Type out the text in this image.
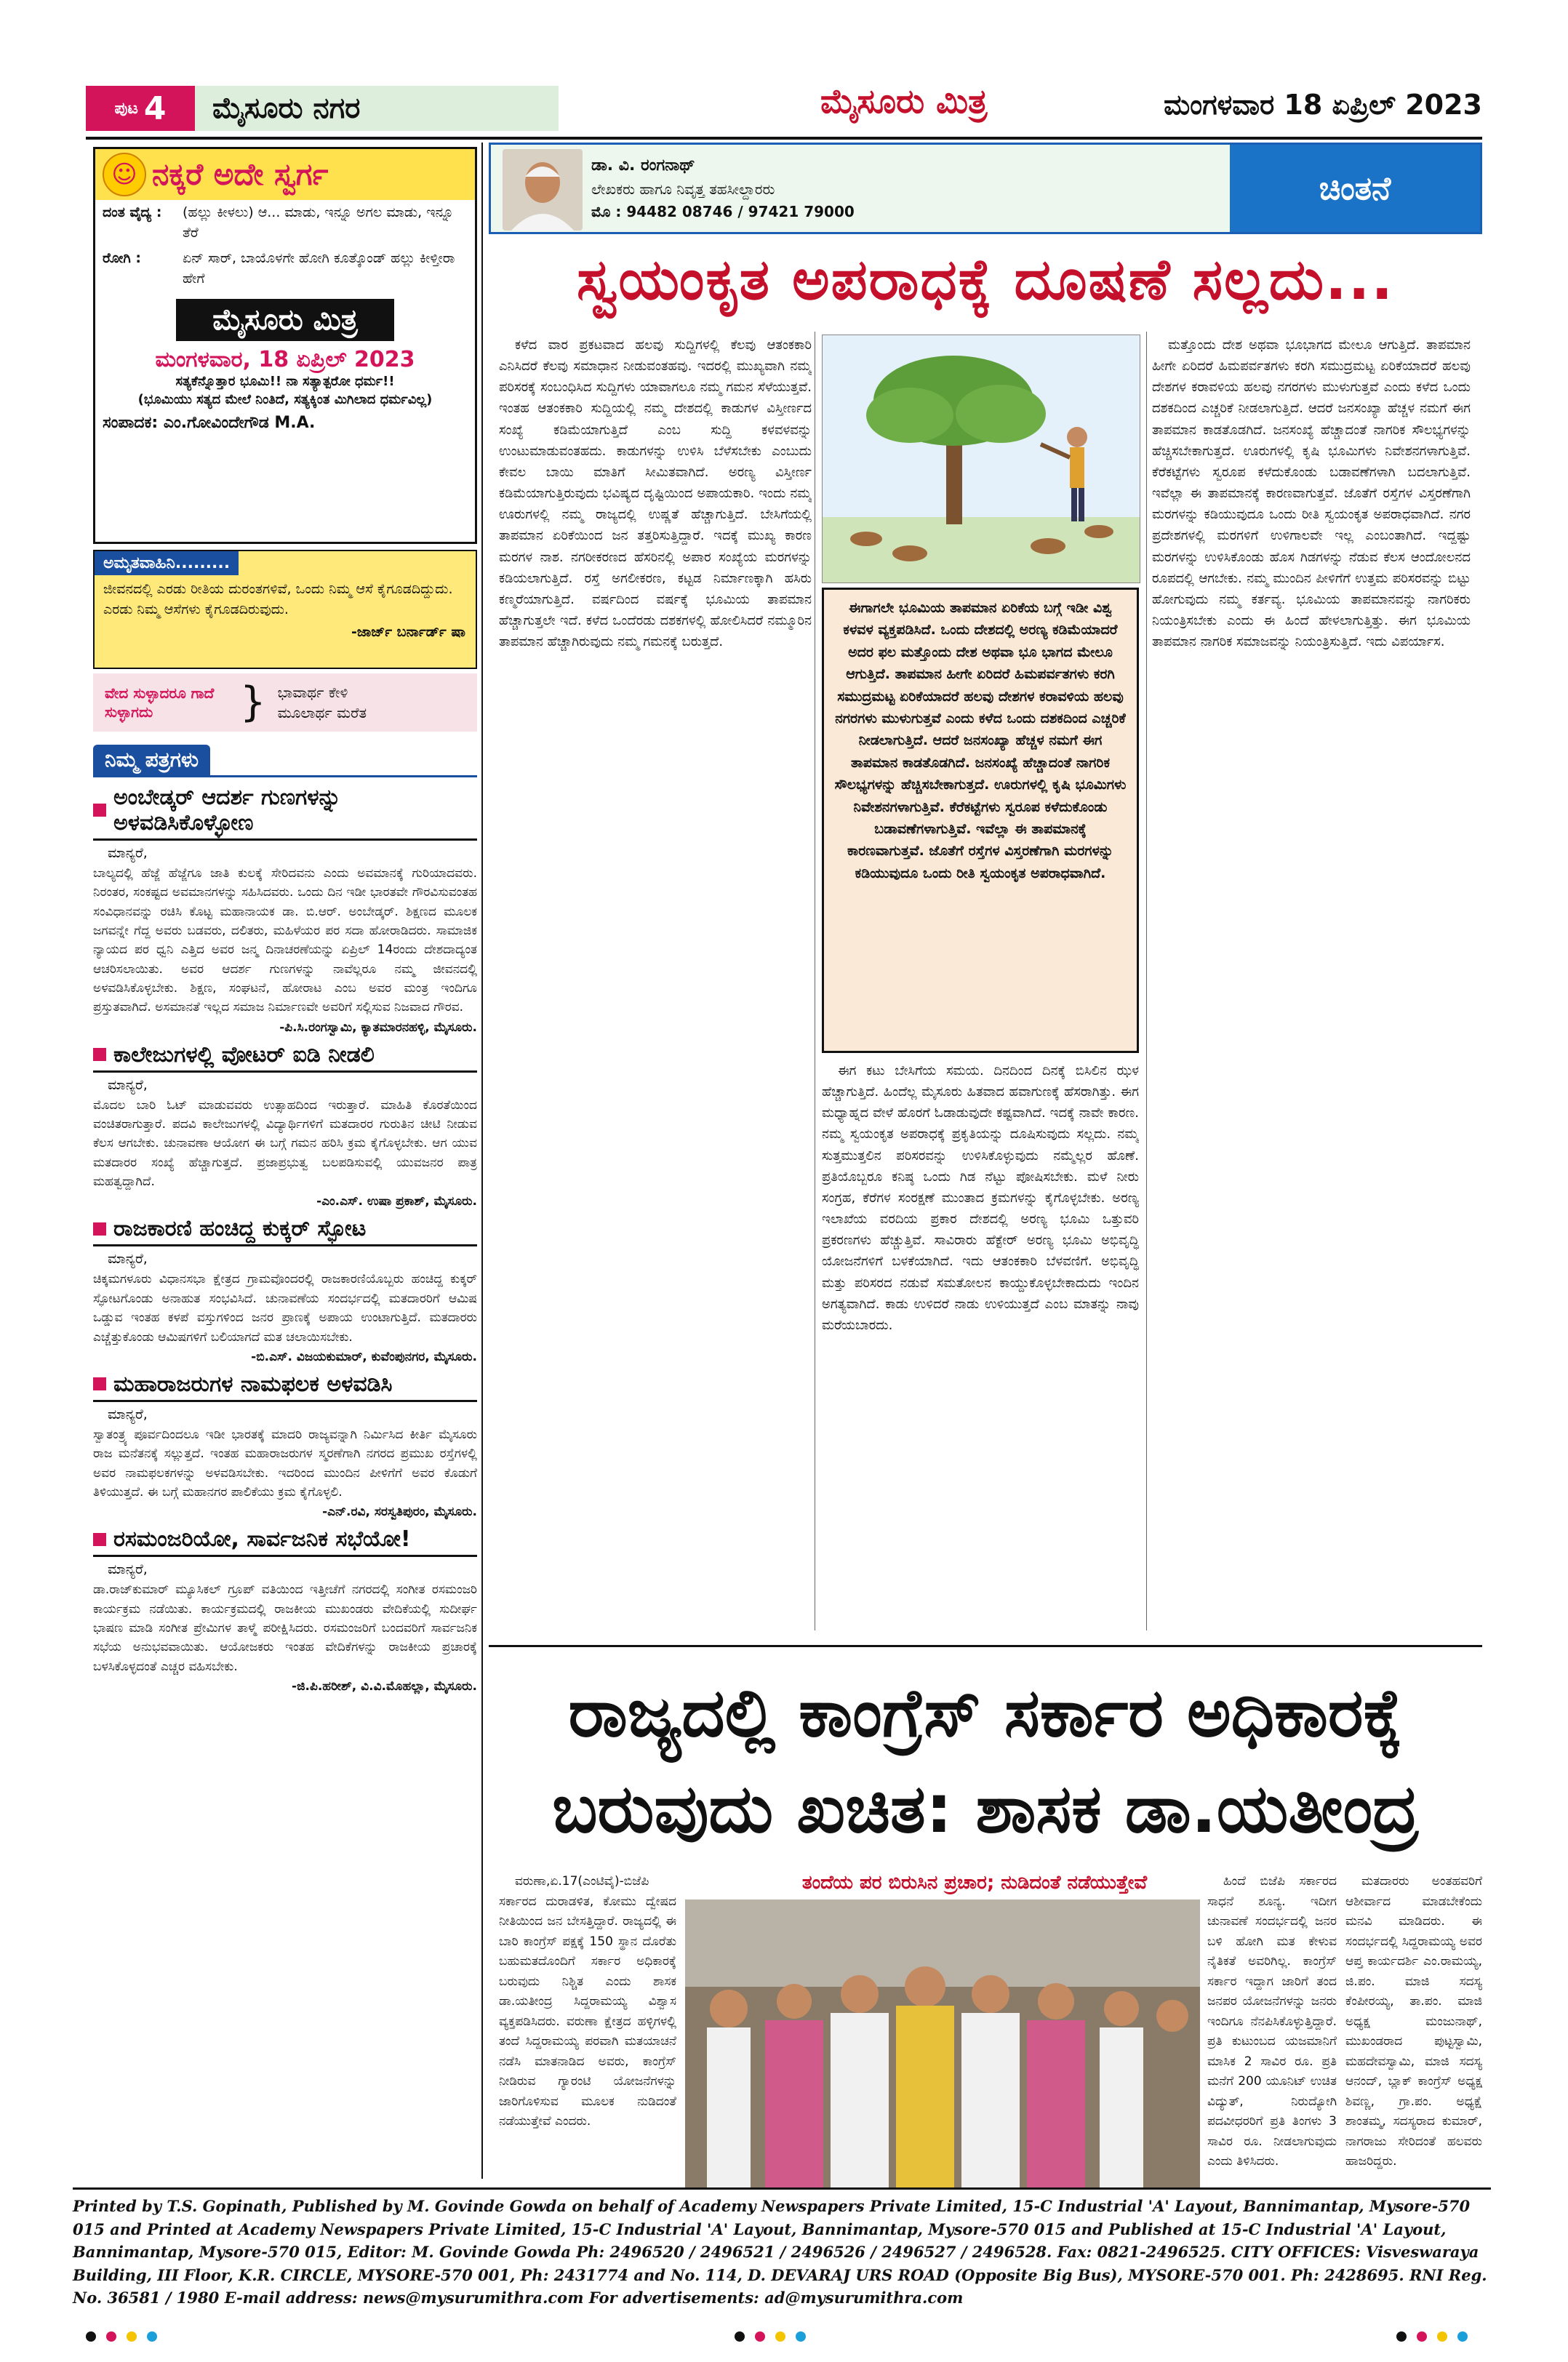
ಪುಟ 4	ಮೈಸೂರು ನಗರ	ಮೈಸೂರು ಮಿತ್ರ	ಮಂಗಳವಾರ 18 ಏಪ್ರಿಲ್ 2023
☺ ನಕ್ಕರೆ ಅದೇ ಸ್ವರ್ಗ
ದಂತ ವೈದ್ಯ :	(ಹಲ್ಲು ಕೀಳಲು) ಆ... ಮಾಡು, ಇನ್ನೂ ಅಗಲ ಮಾಡು, ಇನ್ನೂ ತೆರೆ
ರೋಗಿ :	ಏನ್ ಸಾರ್, ಬಾಯೊಳಗೇ ಹೋಗಿ ಕೂತ್ಕೊಂಡ್ ಹಲ್ಲು ಕೀಳ್ತೀರಾ ಹೇಗೆ
ಮೈಸೂರು ಮಿತ್ರ
ಮಂಗಳವಾರ, 18 ಏಪ್ರಿಲ್ 2023
ಸತ್ಯಕೆನ್ನೊತ್ತಾರ ಭೂಮಿ!! ನಾ ಸತ್ಯಾತ್ಪರೋ ಧರ್ಮ!!
(ಭೂಮಿಯು ಸತ್ಯದ ಮೇಲೆ ನಿಂತಿದೆ, ಸತ್ಯಕ್ಕಿಂತ ಮಿಗಿಲಾದ ಧರ್ಮವಿಲ್ಲ)
ಸಂಪಾದಕ: ಎಂ.ಗೋವಿಂದೇಗೌಡ M.A.
ಅಮೃತವಾಹಿನಿ.........
ಜೀವನದಲ್ಲಿ ಎರಡು ರೀತಿಯ ದುರಂತಗಳಿವೆ, ಒಂದು ನಿಮ್ಮ ಆಸೆ ಕೈಗೂಡದಿದ್ದುದು. ಎರಡು ನಿಮ್ಮ ಆಸೆಗಳು ಕೈಗೂಡದಿರುವುದು.
-ಜಾರ್ಜ್ ಬರ್ನಾರ್ಡ್ ಷಾ
ವೇದ ಸುಳ್ಳಾದರೂ ಗಾದೆ ಸುಳ್ಳಾಗದು	} ಭಾವಾರ್ಥ ಕೇಳಿ
ಮೂಲಾರ್ಥ ಮರೆತ
ನಿಮ್ಮ ಪತ್ರಗಳು
ಅಂಬೇಡ್ಕರ್ ಆದರ್ಶ ಗುಣಗಳನ್ನು ಅಳವಡಿಸಿಕೊಳ್ಳೋಣ
ಮಾನ್ಯರೆ,

ಬಾಲ್ಯದಲ್ಲಿ ಹೆಜ್ಜೆ ಹೆಜ್ಜೆಗೂ ಜಾತಿ ಕುಲಕ್ಕೆ ಸೇರಿದವನು ಎಂದು ಅವಮಾನಕ್ಕೆ ಗುರಿಯಾದವರು. ನಿರಂತರ, ಸಂಕಷ್ಟದ ಅವಮಾನಗಳನ್ನು ಸಹಿಸಿದವರು. ಒಂದು ದಿನ ಇಡೀ ಭಾರತವೇ ಗೌರವಿಸುವಂತಹ ಸಂವಿಧಾನವನ್ನು ರಚಿಸಿ ಕೊಟ್ಟ ಮಹಾನಾಯಕ ಡಾ. ಬಿ.ಆರ್. ಅಂಬೇಡ್ಕರ್. ಶಿಕ್ಷಣದ ಮೂಲಕ ಜಗವನ್ನೇ ಗೆದ್ದ ಅವರು ಬಡವರು, ದಲಿತರು, ಮಹಿಳೆಯರ ಪರ ಸದಾ ಹೋರಾಡಿದರು. ಸಾಮಾಜಿಕ ನ್ಯಾಯದ ಪರ ಧ್ವನಿ ಎತ್ತಿದ ಅವರ ಜನ್ಮ ದಿನಾಚರಣೆಯನ್ನು ಏಪ್ರಿಲ್ 14ರಂದು ದೇಶದಾದ್ಯಂತ ಆಚರಿಸಲಾಯಿತು. ಅವರ ಆದರ್ಶ ಗುಣಗಳನ್ನು ನಾವೆಲ್ಲರೂ ನಮ್ಮ ಜೀವನದಲ್ಲಿ ಅಳವಡಿಸಿಕೊಳ್ಳಬೇಕು. ಶಿಕ್ಷಣ, ಸಂಘಟನೆ, ಹೋರಾಟ ಎಂಬ ಅವರ ಮಂತ್ರ ಇಂದಿಗೂ ಪ್ರಸ್ತುತವಾಗಿದೆ. ಅಸಮಾನತೆ ಇಲ್ಲದ ಸಮಾಜ ನಿರ್ಮಾಣವೇ ಅವರಿಗೆ ಸಲ್ಲಿಸುವ ನಿಜವಾದ ಗೌರವ.

-ಪಿ.ಸಿ.ರಂಗಸ್ವಾಮಿ, ಕ್ಯಾತಮಾರನಹಳ್ಳಿ, ಮೈಸೂರು.
ಕಾಲೇಜುಗಳಲ್ಲಿ ವೋಟರ್ ಐಡಿ ನೀಡಲಿ
ಮಾನ್ಯರೆ,

ಮೊದಲ ಬಾರಿ ಓಟ್ ಮಾಡುವವರು ಉತ್ಸಾಹದಿಂದ ಇರುತ್ತಾರೆ. ಮಾಹಿತಿ ಕೊರತೆಯಿಂದ ವಂಚಿತರಾಗುತ್ತಾರೆ. ಪದವಿ ಕಾಲೇಜುಗಳಲ್ಲಿ ವಿದ್ಯಾರ್ಥಿಗಳಿಗೆ ಮತದಾರರ ಗುರುತಿನ ಚೀಟಿ ನೀಡುವ ಕೆಲಸ ಆಗಬೇಕು. ಚುನಾವಣಾ ಆಯೋಗ ಈ ಬಗ್ಗೆ ಗಮನ ಹರಿಸಿ ಕ್ರಮ ಕೈಗೊಳ್ಳಬೇಕು. ಆಗ ಯುವ ಮತದಾರರ ಸಂಖ್ಯೆ ಹೆಚ್ಚಾಗುತ್ತದೆ. ಪ್ರಜಾಪ್ರಭುತ್ವ ಬಲಪಡಿಸುವಲ್ಲಿ ಯುವಜನರ ಪಾತ್ರ ಮಹತ್ವದ್ದಾಗಿದೆ.

-ಎಂ.ಎಸ್. ಉಷಾ ಪ್ರಕಾಶ್, ಮೈಸೂರು.
ರಾಜಕಾರಣಿ ಹಂಚಿದ್ದ ಕುಕ್ಕರ್ ಸ್ಫೋಟ
ಮಾನ್ಯರೆ,

ಚಿಕ್ಕಮಗಳೂರು ವಿಧಾನಸಭಾ ಕ್ಷೇತ್ರದ ಗ್ರಾಮವೊಂದರಲ್ಲಿ ರಾಜಕಾರಣಿಯೊಬ್ಬರು ಹಂಚಿದ್ದ ಕುಕ್ಕರ್ ಸ್ಫೋಟಗೊಂಡು ಅನಾಹುತ ಸಂಭವಿಸಿದೆ. ಚುನಾವಣೆಯ ಸಂದರ್ಭದಲ್ಲಿ ಮತದಾರರಿಗೆ ಆಮಿಷ ಒಡ್ಡುವ ಇಂತಹ ಕಳಪೆ ವಸ್ತುಗಳಿಂದ ಜನರ ಪ್ರಾಣಕ್ಕೆ ಅಪಾಯ ಉಂಟಾಗುತ್ತಿದೆ. ಮತದಾರರು ಎಚ್ಚೆತ್ತುಕೊಂಡು ಆಮಿಷಗಳಿಗೆ ಬಲಿಯಾಗದೆ ಮತ ಚಲಾಯಿಸಬೇಕು.

-ಬಿ.ಎಸ್. ವಿಜಯಕುಮಾರ್, ಕುವೆಂಪುನಗರ, ಮೈಸೂರು.
ಮಹಾರಾಜರುಗಳ ನಾಮಫಲಕ ಅಳವಡಿಸಿ
ಮಾನ್ಯರೆ,

ಸ್ವಾತಂತ್ರ್ಯ ಪೂರ್ವದಿಂದಲೂ ಇಡೀ ಭಾರತಕ್ಕೆ ಮಾದರಿ ರಾಜ್ಯವನ್ನಾಗಿ ನಿರ್ಮಿಸಿದ ಕೀರ್ತಿ ಮೈಸೂರು ರಾಜ ಮನೆತನಕ್ಕೆ ಸಲ್ಲುತ್ತದೆ. ಇಂತಹ ಮಹಾರಾಜರುಗಳ ಸ್ಮರಣೆಗಾಗಿ ನಗರದ ಪ್ರಮುಖ ರಸ್ತೆಗಳಲ್ಲಿ ಅವರ ನಾಮಫಲಕಗಳನ್ನು ಅಳವಡಿಸಬೇಕು. ಇದರಿಂದ ಮುಂದಿನ ಪೀಳಿಗೆಗೆ ಅವರ ಕೊಡುಗೆ ತಿಳಿಯುತ್ತದೆ. ಈ ಬಗ್ಗೆ ಮಹಾನಗರ ಪಾಲಿಕೆಯು ಕ್ರಮ ಕೈಗೊಳ್ಳಲಿ.

-ಎನ್.ರವಿ, ಸರಸ್ವತಿಪುರಂ, ಮೈಸೂರು.
ರಸಮಂಜರಿಯೋ, ಸಾರ್ವಜನಿಕ ಸಭೆಯೋ!
ಮಾನ್ಯರೆ,

ಡಾ.ರಾಜ್‌ಕುಮಾರ್ ಮ್ಯೂಸಿಕಲ್ ಗ್ರೂಪ್ ವತಿಯಿಂದ ಇತ್ತೀಚೆಗೆ ನಗರದಲ್ಲಿ ಸಂಗೀತ ರಸಮಂಜರಿ ಕಾರ್ಯಕ್ರಮ ನಡೆಯಿತು. ಕಾರ್ಯಕ್ರಮದಲ್ಲಿ ರಾಜಕೀಯ ಮುಖಂಡರು ವೇದಿಕೆಯಲ್ಲಿ ಸುದೀರ್ಘ ಭಾಷಣ ಮಾಡಿ ಸಂಗೀತ ಪ್ರೇಮಿಗಳ ತಾಳ್ಮೆ ಪರೀಕ್ಷಿಸಿದರು. ರಸಮಂಜರಿಗೆ ಬಂದವರಿಗೆ ಸಾರ್ವಜನಿಕ ಸಭೆಯ ಅನುಭವವಾಯಿತು. ಆಯೋಜಕರು ಇಂತಹ ವೇದಿಕೆಗಳನ್ನು ರಾಜಕೀಯ ಪ್ರಚಾರಕ್ಕೆ ಬಳಸಿಕೊಳ್ಳದಂತೆ ಎಚ್ಚರ ವಹಿಸಬೇಕು.

-ಜಿ.ಪಿ.ಹರೀಶ್, ವಿ.ವಿ.ಮೊಹಲ್ಲಾ, ಮೈಸೂರು.
ಡಾ. ವಿ. ರಂಗನಾಥ್
ಲೇಖಕರು ಹಾಗೂ ನಿವೃತ್ತ ತಹಸೀಲ್ದಾರರು
ಮೊ : 94482 08746 / 97421 79000
ಚಿಂತನೆ
ಸ್ವಯಂಕೃತ ಅಪರಾಧಕ್ಕೆ ದೂಷಣೆ ಸಲ್ಲದು...

ಕಳೆದ ವಾರ ಪ್ರಕಟವಾದ ಹಲವು ಸುದ್ದಿಗಳಲ್ಲಿ ಕೆಲವು ಆತಂಕಕಾರಿ ಎನಿಸಿದರೆ ಕೆಲವು ಸಮಾಧಾನ ನೀಡುವಂತಹವು. ಇದರಲ್ಲಿ ಮುಖ್ಯವಾಗಿ ನಮ್ಮ ಪರಿಸರಕ್ಕೆ ಸಂಬಂಧಿಸಿದ ಸುದ್ದಿಗಳು ಯಾವಾಗಲೂ ನಮ್ಮ ಗಮನ ಸೆಳೆಯುತ್ತವೆ. ಇಂತಹ ಆತಂಕಕಾರಿ ಸುದ್ದಿಯಲ್ಲಿ ನಮ್ಮ ದೇಶದಲ್ಲಿ ಕಾಡುಗಳ ವಿಸ್ತೀರ್ಣದ ಸಂಖ್ಯೆ ಕಡಿಮೆಯಾಗುತ್ತಿದೆ ಎಂಬ ಸುದ್ದಿ ಕಳವಳವನ್ನು ಉಂಟುಮಾಡುವಂತಹದು. ಕಾಡುಗಳನ್ನು ಉಳಿಸಿ ಬೆಳೆಸಬೇಕು ಎಂಬುದು ಕೇವಲ ಬಾಯಿ ಮಾತಿಗೆ ಸೀಮಿತವಾಗಿದೆ. ಅರಣ್ಯ ವಿಸ್ತೀರ್ಣ ಕಡಿಮೆಯಾಗುತ್ತಿರುವುದು ಭವಿಷ್ಯದ ದೃಷ್ಟಿಯಿಂದ ಅಪಾಯಕಾರಿ. ಇಂದು ನಮ್ಮ ಊರುಗಳಲ್ಲಿ ನಮ್ಮ ರಾಜ್ಯದಲ್ಲಿ ಉಷ್ಣತೆ ಹೆಚ್ಚಾಗುತ್ತಿದೆ. ಬೇಸಿಗೆಯಲ್ಲಿ ತಾಪಮಾನ ಏರಿಕೆಯಿಂದ ಜನ ತತ್ತರಿಸುತ್ತಿದ್ದಾರೆ. ಇದಕ್ಕೆ ಮುಖ್ಯ ಕಾರಣ ಮರಗಳ ನಾಶ. ನಗರೀಕರಣದ ಹೆಸರಿನಲ್ಲಿ ಅಪಾರ ಸಂಖ್ಯೆಯ ಮರಗಳನ್ನು ಕಡಿಯಲಾಗುತ್ತಿದೆ. ರಸ್ತೆ ಅಗಲೀಕರಣ, ಕಟ್ಟಡ ನಿರ್ಮಾಣಕ್ಕಾಗಿ ಹಸಿರು ಕಣ್ಮರೆಯಾಗುತ್ತಿದೆ. ವರ್ಷದಿಂದ ವರ್ಷಕ್ಕೆ ಭೂಮಿಯ ತಾಪಮಾನ ಹೆಚ್ಚಾಗುತ್ತಲೇ ಇದೆ. ಕಳೆದ ಒಂದೆರಡು ದಶಕಗಳಲ್ಲಿ ಹೋಲಿಸಿದರೆ ನಮ್ಮೂರಿನ ತಾಪಮಾನ ಹೆಚ್ಚಾಗಿರುವುದು ನಮ್ಮ ಗಮನಕ್ಕೆ ಬರುತ್ತದೆ.

ಈಗಾಗಲೇ ಭೂಮಿಯ ತಾಪಮಾನ ಏರಿಕೆಯ ಬಗ್ಗೆ ಇಡೀ ವಿಶ್ವ ಕಳವಳ ವ್ಯಕ್ತಪಡಿಸಿದೆ. ಒಂದು ದೇಶದಲ್ಲಿ ಅರಣ್ಯ ಕಡಿಮೆಯಾದರೆ ಅದರ ಫಲ ಮತ್ತೊಂದು ದೇಶ ಅಥವಾ ಭೂ ಭಾಗದ ಮೇಲೂ ಆಗುತ್ತಿದೆ. ತಾಪಮಾನ ಹೀಗೇ ಏರಿದರೆ ಹಿಮಪರ್ವತಗಳು ಕರಗಿ ಸಮುದ್ರಮಟ್ಟ ಏರಿಕೆಯಾದರೆ ಹಲವು ದೇಶಗಳ ಕರಾವಳಿಯ ಹಲವು ನಗರಗಳು ಮುಳುಗುತ್ತವೆ ಎಂದು ಕಳೆದ ಒಂದು ದಶಕದಿಂದ ಎಚ್ಚರಿಕೆ ನೀಡಲಾಗುತ್ತಿದೆ. ಆದರೆ ಜನಸಂಖ್ಯಾ ಹೆಚ್ಚಳ ನಮಗೆ ಈಗ ತಾಪಮಾನ ಕಾಡತೊಡಗಿದೆ. ಜನಸಂಖ್ಯೆ ಹೆಚ್ಚಾದಂತೆ ನಾಗರಿಕ ಸೌಲಭ್ಯಗಳನ್ನು ಹೆಚ್ಚಿಸಬೇಕಾಗುತ್ತದೆ. ಊರುಗಳಲ್ಲಿ ಕೃಷಿ ಭೂಮಿಗಳು ನಿವೇಶನಗಳಾಗುತ್ತಿವೆ. ಕೆರೆಕಟ್ಟೆಗಳು ಸ್ವರೂಪ ಕಳೆದುಕೊಂಡು ಬಡಾವಣೆಗಳಾಗುತ್ತಿವೆ. ಇವೆಲ್ಲಾ ಈ ತಾಪಮಾನಕ್ಕೆ ಕಾರಣವಾಗುತ್ತವೆ. ಜೊತೆಗೆ ರಸ್ತೆಗಳ ವಿಸ್ತರಣೆಗಾಗಿ ಮರಗಳನ್ನು ಕಡಿಯುವುದೂ ಒಂದು ರೀತಿ ಸ್ವಯಂಕೃತ ಅಪರಾಧವಾಗಿದೆ.

ಈಗ ಕಟು ಬೇಸಿಗೆಯ ಸಮಯ. ದಿನದಿಂದ ದಿನಕ್ಕೆ ಬಿಸಿಲಿನ ಝಳ ಹೆಚ್ಚಾಗುತ್ತಿದೆ. ಹಿಂದೆಲ್ಲ ಮೈಸೂರು ಹಿತವಾದ ಹವಾಗುಣಕ್ಕೆ ಹೆಸರಾಗಿತ್ತು. ಈಗ ಮಧ್ಯಾಹ್ನದ ವೇಳೆ ಹೊರಗೆ ಓಡಾಡುವುದೇ ಕಷ್ಟವಾಗಿದೆ. ಇದಕ್ಕೆ ನಾವೇ ಕಾರಣ. ನಮ್ಮ ಸ್ವಯಂಕೃತ ಅಪರಾಧಕ್ಕೆ ಪ್ರಕೃತಿಯನ್ನು ದೂಷಿಸುವುದು ಸಲ್ಲದು. ನಮ್ಮ ಸುತ್ತಮುತ್ತಲಿನ ಪರಿಸರವನ್ನು ಉಳಿಸಿಕೊಳ್ಳುವುದು ನಮ್ಮೆಲ್ಲರ ಹೊಣೆ. ಪ್ರತಿಯೊಬ್ಬರೂ ಕನಿಷ್ಠ ಒಂದು ಗಿಡ ನೆಟ್ಟು ಪೋಷಿಸಬೇಕು. ಮಳೆ ನೀರು ಸಂಗ್ರಹ, ಕೆರೆಗಳ ಸಂರಕ್ಷಣೆ ಮುಂತಾದ ಕ್ರಮಗಳನ್ನು ಕೈಗೊಳ್ಳಬೇಕು. ಅರಣ್ಯ ಇಲಾಖೆಯ ವರದಿಯ ಪ್ರಕಾರ ದೇಶದಲ್ಲಿ ಅರಣ್ಯ ಭೂಮಿ ಒತ್ತುವರಿ ಪ್ರಕರಣಗಳು ಹೆಚ್ಚುತ್ತಿವೆ. ಸಾವಿರಾರು ಹೆಕ್ಟೇರ್ ಅರಣ್ಯ ಭೂಮಿ ಅಭಿವೃದ್ಧಿ ಯೋಜನೆಗಳಿಗೆ ಬಳಕೆಯಾಗಿದೆ. ಇದು ಆತಂಕಕಾರಿ ಬೆಳವಣಿಗೆ. ಅಭಿವೃದ್ಧಿ ಮತ್ತು ಪರಿಸರದ ನಡುವೆ ಸಮತೋಲನ ಕಾಯ್ದುಕೊಳ್ಳಬೇಕಾದುದು ಇಂದಿನ ಅಗತ್ಯವಾಗಿದೆ. ಕಾಡು ಉಳಿದರೆ ನಾಡು ಉಳಿಯುತ್ತದೆ ಎಂಬ ಮಾತನ್ನು ನಾವು ಮರೆಯಬಾರದು.

ಮತ್ತೊಂದು ದೇಶ ಅಥವಾ ಭೂಭಾಗದ ಮೇಲೂ ಆಗುತ್ತಿದೆ. ತಾಪಮಾನ ಹೀಗೇ ಏರಿದರೆ ಹಿಮಪರ್ವತಗಳು ಕರಗಿ ಸಮುದ್ರಮಟ್ಟ ಏರಿಕೆಯಾದರೆ ಹಲವು ದೇಶಗಳ ಕರಾವಳಿಯ ಹಲವು ನಗರಗಳು ಮುಳುಗುತ್ತವೆ ಎಂದು ಕಳೆದ ಒಂದು ದಶಕದಿಂದ ಎಚ್ಚರಿಕೆ ನೀಡಲಾಗುತ್ತಿದೆ. ಆದರೆ ಜನಸಂಖ್ಯಾ ಹೆಚ್ಚಳ ನಮಗೆ ಈಗ ತಾಪಮಾನ ಕಾಡತೊಡಗಿದೆ. ಜನಸಂಖ್ಯೆ ಹೆಚ್ಚಾದಂತೆ ನಾಗರಿಕ ಸೌಲಭ್ಯಗಳನ್ನು ಹೆಚ್ಚಿಸಬೇಕಾಗುತ್ತದೆ. ಊರುಗಳಲ್ಲಿ ಕೃಷಿ ಭೂಮಿಗಳು ನಿವೇಶನಗಳಾಗುತ್ತಿವೆ. ಕೆರೆಕಟ್ಟೆಗಳು ಸ್ವರೂಪ ಕಳೆದುಕೊಂಡು ಬಡಾವಣೆಗಳಾಗಿ ಬದಲಾಗುತ್ತಿವೆ. ಇವೆಲ್ಲಾ ಈ ತಾಪಮಾನಕ್ಕೆ ಕಾರಣವಾಗುತ್ತವೆ. ಜೊತೆಗೆ ರಸ್ತೆಗಳ ವಿಸ್ತರಣೆಗಾಗಿ ಮರಗಳನ್ನು ಕಡಿಯುವುದೂ ಒಂದು ರೀತಿ ಸ್ವಯಂಕೃತ ಅಪರಾಧವಾಗಿದೆ. ನಗರ ಪ್ರದೇಶಗಳಲ್ಲಿ ಮರಗಳಿಗೆ ಉಳಿಗಾಲವೇ ಇಲ್ಲ ಎಂಬಂತಾಗಿದೆ. ಇದ್ದಷ್ಟು ಮರಗಳನ್ನು ಉಳಿಸಿಕೊಂಡು ಹೊಸ ಗಿಡಗಳನ್ನು ನೆಡುವ ಕೆಲಸ ಆಂದೋಲನದ ರೂಪದಲ್ಲಿ ಆಗಬೇಕು. ನಮ್ಮ ಮುಂದಿನ ಪೀಳಿಗೆಗೆ ಉತ್ತಮ ಪರಿಸರವನ್ನು ಬಿಟ್ಟು ಹೋಗುವುದು ನಮ್ಮ ಕರ್ತವ್ಯ. ಭೂಮಿಯ ತಾಪಮಾನವನ್ನು ನಾಗರಿಕರು ನಿಯಂತ್ರಿಸಬೇಕು ಎಂದು ಈ ಹಿಂದೆ ಹೇಳಲಾಗುತ್ತಿತ್ತು. ಈಗ ಭೂಮಿಯ ತಾಪಮಾನ ನಾಗರಿಕ ಸಮಾಜವನ್ನು ನಿಯಂತ್ರಿಸುತ್ತಿದೆ. ಇದು ವಿಪರ್ಯಾಸ.

ರಾಜ್ಯದಲ್ಲಿ ಕಾಂಗ್ರೆಸ್ ಸರ್ಕಾರ ಅಧಿಕಾರಕ್ಕೆ ಬರುವುದು ಖಚಿತ: ಶಾಸಕ ಡಾ.ಯತೀಂದ್ರ
ತಂದೆಯ ಪರ ಬಿರುಸಿನ ಪ್ರಚಾರ; ನುಡಿದಂತೆ ನಡೆಯುತ್ತೇವೆ

ವರುಣಾ,ಏ.17(ಎಂಟಿವೈ)-ಬಿಜೆಪಿ ಸರ್ಕಾರದ ದುರಾಡಳಿತ, ಕೋಮು ದ್ವೇಷದ ನೀತಿಯಿಂದ ಜನ ಬೇಸತ್ತಿದ್ದಾರೆ. ರಾಜ್ಯದಲ್ಲಿ ಈ ಬಾರಿ ಕಾಂಗ್ರೆಸ್ ಪಕ್ಷಕ್ಕೆ 150 ಸ್ಥಾನ ದೊರೆತು ಬಹುಮತದೊಂದಿಗೆ ಸರ್ಕಾರ ಅಧಿಕಾರಕ್ಕೆ ಬರುವುದು ನಿಶ್ಚಿತ ಎಂದು ಶಾಸಕ ಡಾ.ಯತೀಂದ್ರ ಸಿದ್ದರಾಮಯ್ಯ ವಿಶ್ವಾಸ ವ್ಯಕ್ತಪಡಿಸಿದರು. ವರುಣಾ ಕ್ಷೇತ್ರದ ಹಳ್ಳಿಗಳಲ್ಲಿ ತಂದೆ ಸಿದ್ದರಾಮಯ್ಯ ಪರವಾಗಿ ಮತಯಾಚನೆ ನಡೆಸಿ ಮಾತನಾಡಿದ ಅವರು, ಕಾಂಗ್ರೆಸ್ ನೀಡಿರುವ ಗ್ಯಾರಂಟಿ ಯೋಜನೆಗಳನ್ನು ಜಾರಿಗೊಳಿಸುವ ಮೂಲಕ ನುಡಿದಂತೆ ನಡೆಯುತ್ತೇವೆ ಎಂದರು.

ಹಿಂದೆ ಬಿಜೆಪಿ ಸರ್ಕಾರದ ಸಾಧನೆ ಶೂನ್ಯ. ಇದೀಗ ಚುನಾವಣೆ ಸಂದರ್ಭದಲ್ಲಿ ಜನರ ಬಳಿ ಹೋಗಿ ಮತ ಕೇಳುವ ನೈತಿಕತೆ ಅವರಿಗಿಲ್ಲ. ಕಾಂಗ್ರೆಸ್ ಸರ್ಕಾರ ಇದ್ದಾಗ ಜಾರಿಗೆ ತಂದ ಜನಪರ ಯೋಜನೆಗಳನ್ನು ಜನರು ಇಂದಿಗೂ ನೆನಪಿಸಿಕೊಳ್ಳುತ್ತಿದ್ದಾರೆ. ಪ್ರತಿ ಕುಟುಂಬದ ಯಜಮಾನಿಗೆ ಮಾಸಿಕ 2 ಸಾವಿರ ರೂ. ಪ್ರತಿ ಮನೆಗೆ 200 ಯೂನಿಟ್ ಉಚಿತ ವಿದ್ಯುತ್, ನಿರುದ್ಯೋಗಿ ಪದವೀಧರರಿಗೆ ಪ್ರತಿ ತಿಂಗಳು 3 ಸಾವಿರ ರೂ. ನೀಡಲಾಗುವುದು ಎಂದು ತಿಳಿಸಿದರು.

ಮತದಾರರು ಅಂತಹವರಿಗೆ ಆಶೀರ್ವಾದ ಮಾಡಬೇಕೆಂದು ಮನವಿ ಮಾಡಿದರು. ಈ ಸಂದರ್ಭದಲ್ಲಿ ಸಿದ್ದರಾಮಯ್ಯ ಅವರ ಆಪ್ತ ಕಾರ್ಯದರ್ಶಿ ಎಂ.ರಾಮಯ್ಯ, ಜಿ.ಪಂ. ಮಾಜಿ ಸದಸ್ಯ ಕೆಂಪೀರಯ್ಯ, ತಾ.ಪಂ. ಮಾಜಿ ಅಧ್ಯಕ್ಷ ಮಂಜುನಾಥ್, ಮುಖಂಡರಾದ ಪುಟ್ಟಸ್ವಾಮಿ, ಮಹದೇವಸ್ವಾಮಿ, ಮಾಜಿ ಸದಸ್ಯ ಆನಂದ್, ಬ್ಲಾಕ್ ಕಾಂಗ್ರೆಸ್ ಅಧ್ಯಕ್ಷ ಶಿವಣ್ಣ, ಗ್ರಾ.ಪಂ. ಅಧ್ಯಕ್ಷೆ ಶಾಂತಮ್ಮ, ಸದಸ್ಯರಾದ ಕುಮಾರ್, ನಾಗರಾಜು ಸೇರಿದಂತೆ ಹಲವರು ಹಾಜರಿದ್ದರು.

Printed by T.S. Gopinath, Published by M. Govinde Gowda on behalf of Academy Newspapers Private Limited, 15-C Industrial 'A' Layout, Bannimantap, Mysore-570 015 and Printed at Academy Newspapers Private Limited, 15-C Industrial 'A' Layout, Bannimantap, Mysore-570 015 and Published at 15-C Industrial 'A' Layout, Bannimantap, Mysore-570 015, Editor: M. Govinde Gowda Ph: 2496520 / 2496521 / 2496526 / 2496527 / 2496528. Fax: 0821-2496525. CITY OFFICES: Visveswaraya Building, III Floor, K.R. CIRCLE, MYSORE-570 001, Ph: 2431774 and No. 114, D. DEVARAJ URS ROAD (Opposite Big Bus), MYSORE-570 001. Ph: 2428695. RNI Reg. No. 36581 / 1980 E-mail address: news@mysurumithra.com For advertisements: ad@mysurumithra.com
